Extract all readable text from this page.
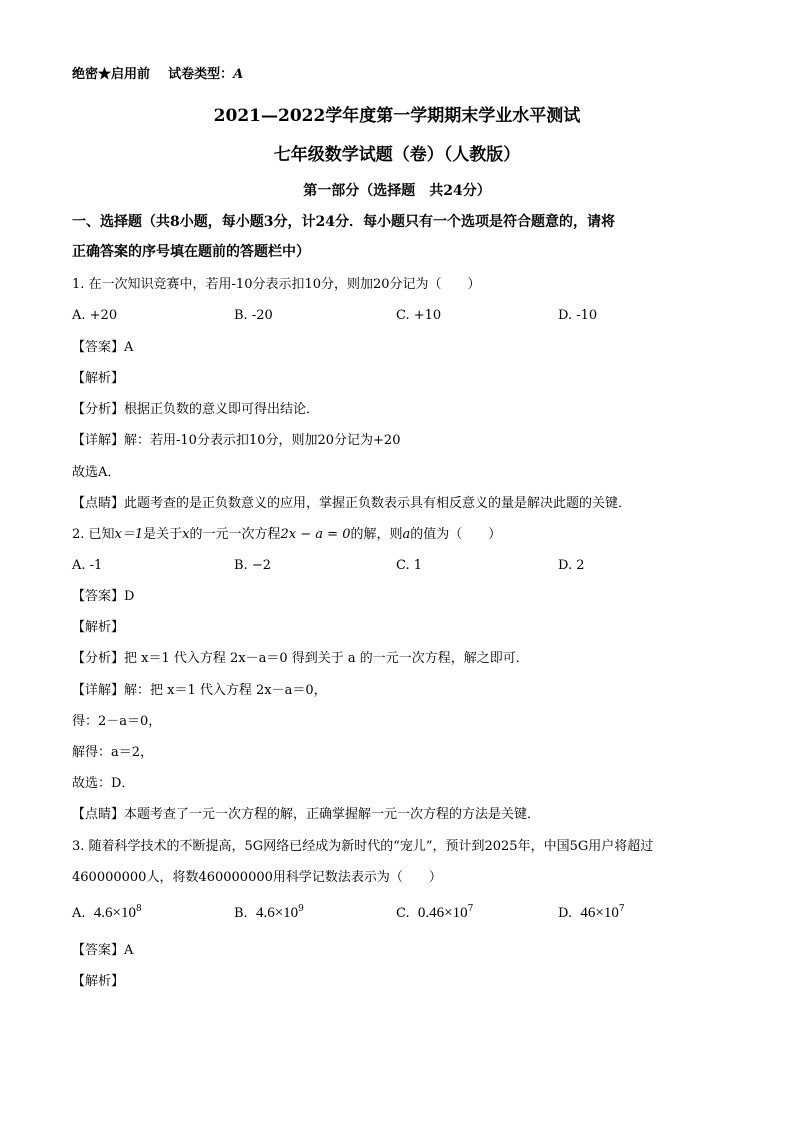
绝密★启用前 试卷类型：A
2021—2022学年度第一学期期末学业水平测试
七年级数学试题（卷）（人教版）
第一部分（选择题　共24分）
一、选择题（共8小题，每小题3分，计24分．每小题只有一个选项是符合题意的，请将
正确答案的序号填在题前的答题栏中）
1. 在一次知识竞赛中，若用-10分表示扣10分，则加20分记为（　　）
A. +20	B. -20	C. +10	D. -10
【答案】A
【解析】
【分析】根据正负数的意义即可得出结论．
【详解】解：若用-10分表示扣10分，则加20分记为+20
故选A．
【点睛】此题考查的是正负数意义的应用，掌握正负数表示具有相反意义的量是解决此题的关键．
2. 已知x＝1是关于x的一元一次方程2x − a = 0的解，则a的值为（　　）
A. -1	B. −2	C. 1	D. 2
【答案】D
【解析】
【分析】把 x＝1 代入方程 2x－a＝0 得到关于 a 的一元一次方程，解之即可．
【详解】解：把 x＝1 代入方程 2x－a＝0，
得：2－a＝0，
解得：a＝2，
故选：D．
【点睛】本题考查了一元一次方程的解，正确掌握解一元一次方程的方法是关键．
3. 随着科学技术的不断提高，5G网络已经成为新时代的“宠儿”，预计到2025年，中国5G用户将超过
460000000人，将数460000000用科学记数法表示为（　　）
A. $4.6\times 10^8$	B. $4.6\times 10^9$	C. $0.46\times 10^7$	D. $46\times 10^7$
【答案】A
【解析】
